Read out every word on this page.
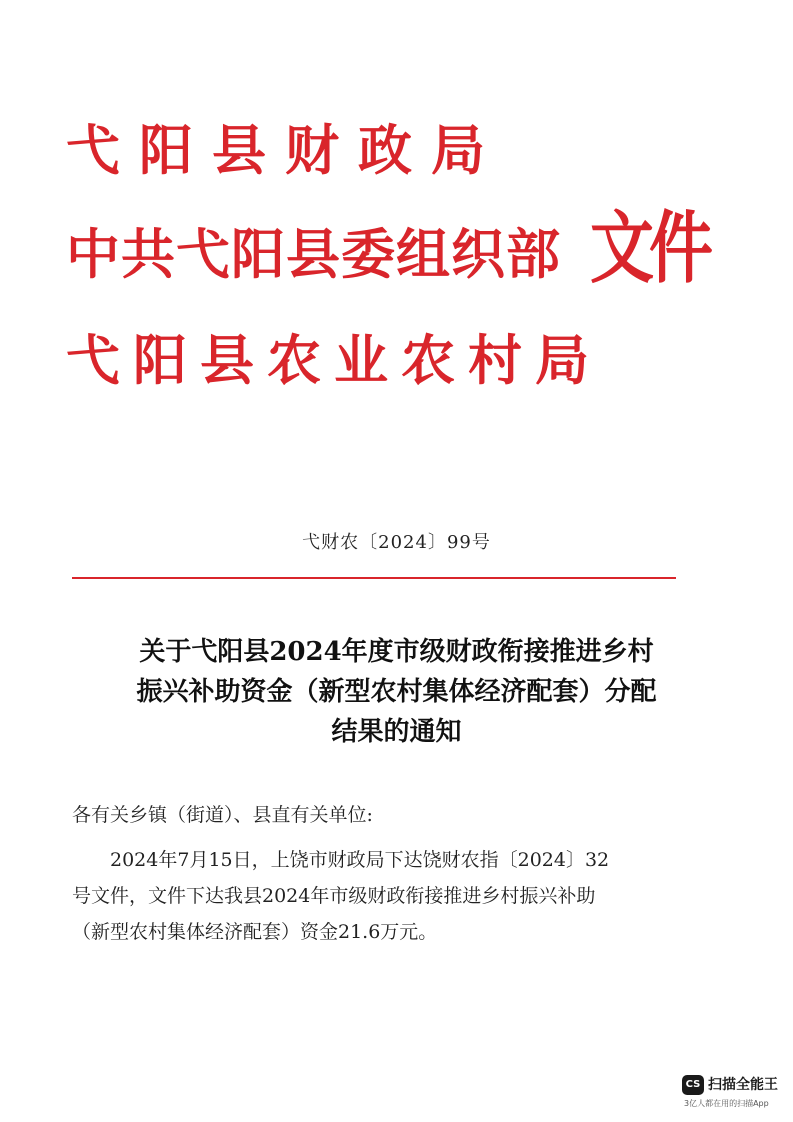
弋阳县财政局
中共弋阳县委组织部
弋阳县农业农村局
文件
弋财农〔2024〕99号
关于弋阳县2024年度市级财政衔接推进乡村
振兴补助资金（新型农村集体经济配套）分配
结果的通知
各有关乡镇（街道）、县直有关单位:
2024年7月15日，上饶市财政局下达饶财农指〔2024〕32
号文件，文件下达我县2024年市级财政衔接推进乡村振兴补助
（新型农村集体经济配套）资金21.6万元。
CS 扫描全能王
3亿人都在用的扫描App
